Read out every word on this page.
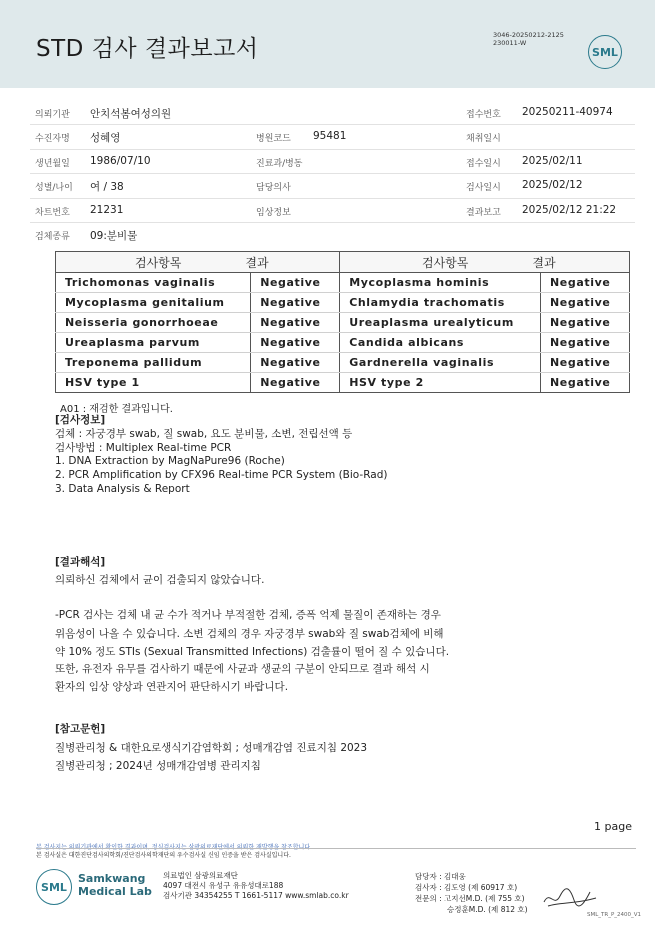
STD 검사 결과보고서
3046-20250212-2125
230011-W
SML
의뢰기관 안치석봄여성의원	접수번호 20250211-40974
수진자명 성혜영	병원코드 95481	채취일시
생년월일 1986/07/10	진료과/병동	접수일시 2025/02/11
성별/나이 여 / 38	담당의사	검사일시 2025/02/12
차트번호 21231	임상정보	결과보고 2025/02/12 21:22
검체종류 09:분비물
검사항목 결과		검사항목 결과	
Trichomonas vaginalis	Negative	Mycoplasma hominis	Negative
Mycoplasma genitalium	Negative	Chlamydia trachomatis	Negative
Neisseria gonorrhoeae	Negative	Ureaplasma urealyticum	Negative
Ureaplasma parvum	Negative	Candida albicans	Negative
Treponema pallidum	Negative	Gardnerella vaginalis	Negative
HSV type 1	Negative	HSV type 2	Negative
A01 : 재검한 결과입니다.
[검사정보]
검체 : 자궁경부 swab, 질 swab, 요도 분비물, 소변, 전립선액 등
검사방법 : Multiplex Real-time PCR
1. DNA Extraction by MagNaPure96 (Roche)
2. PCR Amplification by CFX96 Real-time PCR System (Bio-Rad)
3. Data Analysis & Report
[결과해석]
의뢰하신 검체에서 균이 검출되지 않았습니다.
-PCR 검사는 검체 내 균 수가 적거나 부적절한 검체, 증폭 억제 물질이 존재하는 경우
위음성이 나올 수 있습니다. 소변 검체의 경우 자궁경부 swab와 질 swab검체에 비해
약 10% 정도 STIs (Sexual Transmitted Infections) 검출률이 떨어 질 수 있습니다.
또한, 유전자 유무를 검사하기 때문에 사균과 생균의 구분이 안되므로 결과 해석 시
환자의 임상 양상과 연관지어 판단하시기 바랍니다.
[참고문헌]
질병관리청 & 대한요로생식기감염학회 ; 성매개감염 진료지침 2023
질병관리청 ; 2024년 성매개감염병 관리지침
1 page
본 검사지는 의뢰기관에서 확인한 결과이며, 정식검사지는 삼광의료재단에서 의뢰한 재발행을 참조합니다.
본 검사실은 대한진단검사의학회/진단검사의학재단의 우수검사실 신임 인증을 받은 검사실입니다.
SML
Samkwang
Medical Lab
의료법인 삼광의료재단
4097 대전시 유성구 유유성대로188
검사기관 34354255 T 1661-5117 www.smlab.co.kr
담당자 : 김대웅
검사자 : 김도영 (제 60917 호)
전문의 : 고지선M.D. (제 755 호)
승정훈M.D. (제 812 호)
SML_TR_P_2400_V1
